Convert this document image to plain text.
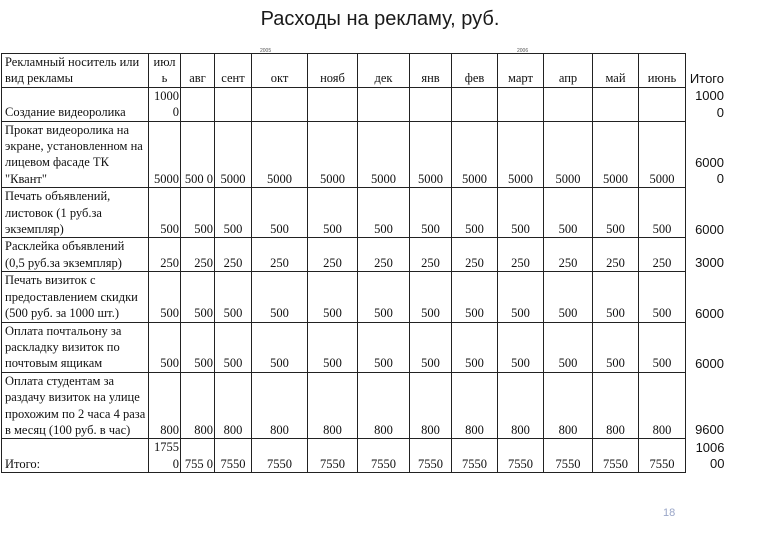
Расходы на рекламу, руб.
2005	2006
Рекламный носитель или вид рекламы	июл ь	авг	сент	окт	нояб	дек	янв	фев	март	апр	май	июнь	Итого
Создание видеоролика	1000 0												1000 0
Прокат видеоролика на экране, установленном на лицевом фасаде ТК "Квант"	5000	500 0	5000	5000	5000	5000	5000	5000	5000	5000	5000	5000	6000 0
Печать объявлений, листовок (1 руб.за экземпляр)	500	500	500	500	500	500	500	500	500	500	500	500	6000
Расклейка объявлений (0,5 руб.за экземпляр)	250	250	250	250	250	250	250	250	250	250	250	250	3000
Печать визиток с предоставлением скидки (500 руб. за 1000 шт.)	500	500	500	500	500	500	500	500	500	500	500	500	6000
Оплата почтальону за раскладку визиток по почтовым ящикам	500	500	500	500	500	500	500	500	500	500	500	500	6000
Оплата студентам за раздачу визиток на улице прохожим по 2 часа 4 раза в месяц (100 руб. в час)	800	800	800	800	800	800	800	800	800	800	800	800	9600
Итого:	1755 0	755 0	7550	7550	7550	7550	7550	7550	7550	7550	7550	7550	1006 00
18
